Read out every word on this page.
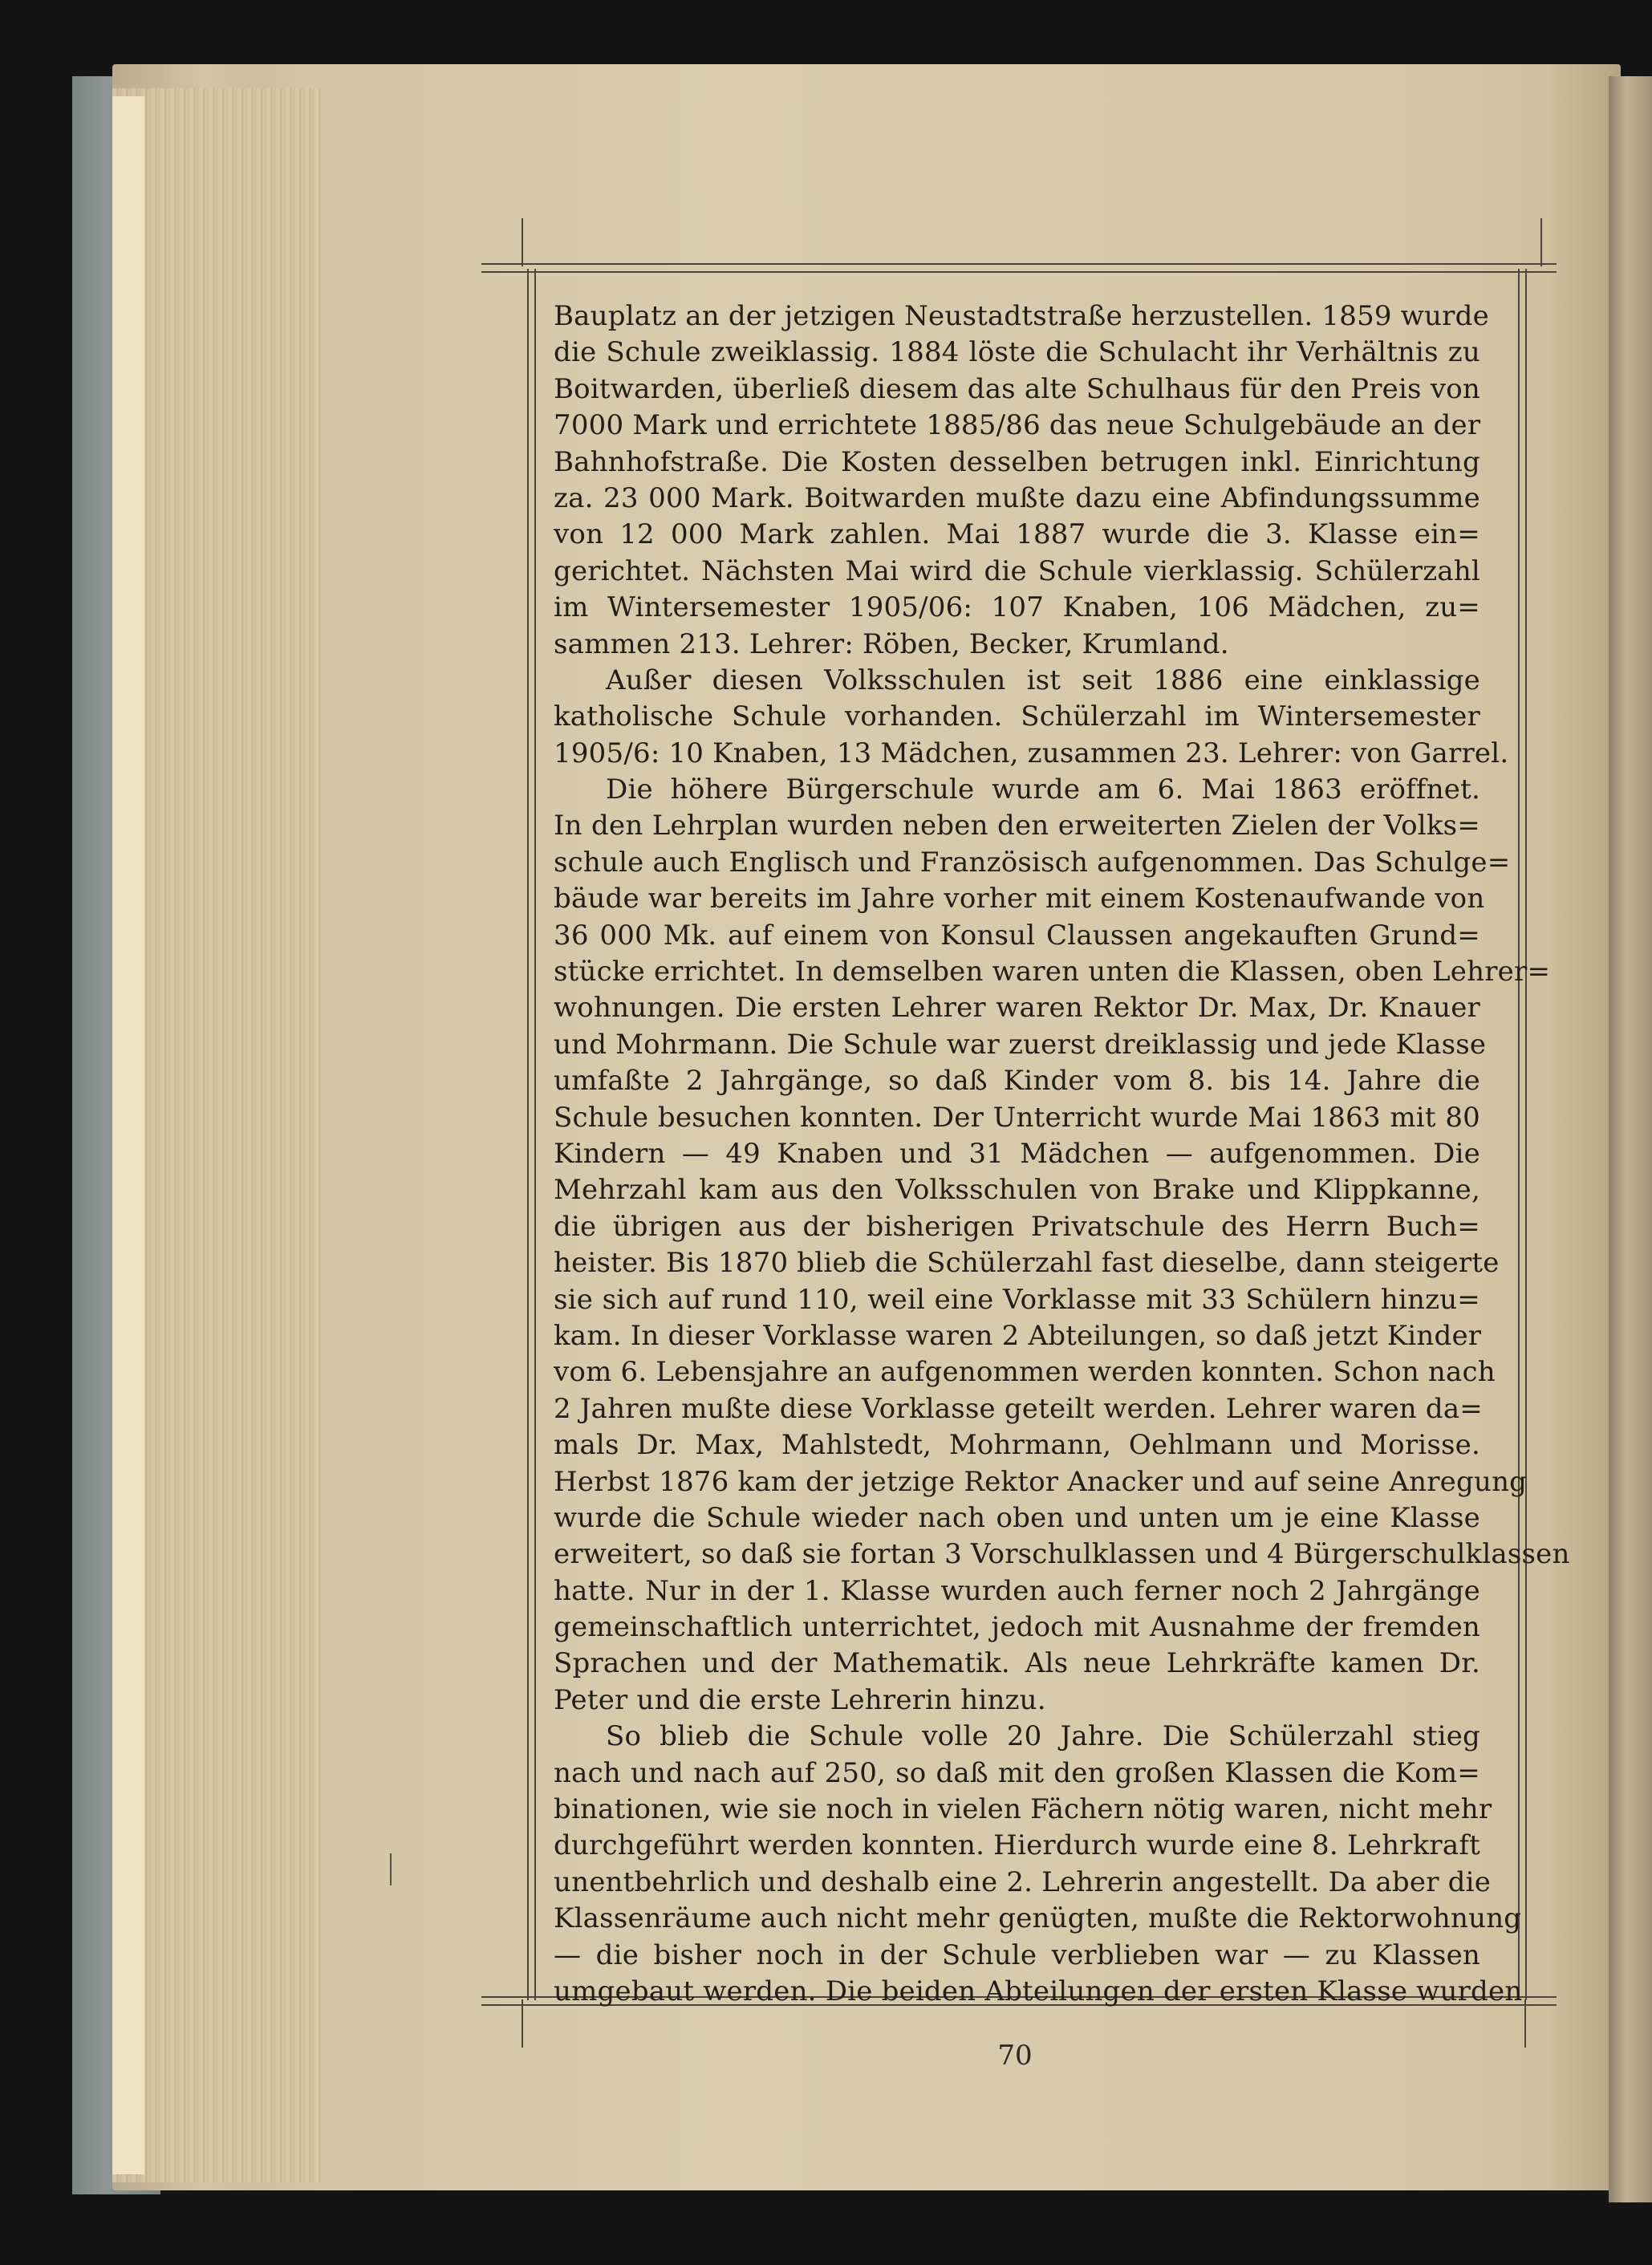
Bauplatz an der jetzigen Neustadtstraße herzustellen. 1859 wurde
die Schule zweiklassig. 1884 löste die Schulacht ihr Verhältnis zu
Boitwarden, überließ diesem das alte Schulhaus für den Preis von
7000 Mark und errichtete 1885/86 das neue Schulgebäude an der
Bahnhofstraße. Die Kosten desselben betrugen inkl. Einrichtung
za. 23 000 Mark. Boitwarden mußte dazu eine Abfindungssumme
von 12 000 Mark zahlen. Mai 1887 wurde die 3. Klasse ein=
gerichtet. Nächsten Mai wird die Schule vierklassig. Schülerzahl
im Wintersemester 1905/06: 107 Knaben, 106 Mädchen, zu=
sammen 213. Lehrer: Röben, Becker, Krumland.
Außer diesen Volksschulen ist seit 1886 eine einklassige
katholische Schule vorhanden. Schülerzahl im Wintersemester
1905/6: 10 Knaben, 13 Mädchen, zusammen 23. Lehrer: von Garrel.
Die höhere Bürgerschule wurde am 6. Mai 1863 eröffnet.
In den Lehrplan wurden neben den erweiterten Zielen der Volks=
schule auch Englisch und Französisch aufgenommen. Das Schulge=
bäude war bereits im Jahre vorher mit einem Kostenaufwande von
36 000 Mk. auf einem von Konsul Claussen angekauften Grund=
stücke errichtet. In demselben waren unten die Klassen, oben Lehrer=
wohnungen. Die ersten Lehrer waren Rektor Dr. Max, Dr. Knauer
und Mohrmann. Die Schule war zuerst dreiklassig und jede Klasse
umfaßte 2 Jahrgänge, so daß Kinder vom 8. bis 14. Jahre die
Schule besuchen konnten. Der Unterricht wurde Mai 1863 mit 80
Kindern — 49 Knaben und 31 Mädchen — aufgenommen. Die
Mehrzahl kam aus den Volksschulen von Brake und Klippkanne,
die übrigen aus der bisherigen Privatschule des Herrn Buch=
heister. Bis 1870 blieb die Schülerzahl fast dieselbe, dann steigerte
sie sich auf rund 110, weil eine Vorklasse mit 33 Schülern hinzu=
kam. In dieser Vorklasse waren 2 Abteilungen, so daß jetzt Kinder
vom 6. Lebensjahre an aufgenommen werden konnten. Schon nach
2 Jahren mußte diese Vorklasse geteilt werden. Lehrer waren da=
mals Dr. Max, Mahlstedt, Mohrmann, Oehlmann und Morisse.
Herbst 1876 kam der jetzige Rektor Anacker und auf seine Anregung
wurde die Schule wieder nach oben und unten um je eine Klasse
erweitert, so daß sie fortan 3 Vorschulklassen und 4 Bürgerschulklassen
hatte. Nur in der 1. Klasse wurden auch ferner noch 2 Jahrgänge
gemeinschaftlich unterrichtet, jedoch mit Ausnahme der fremden
Sprachen und der Mathematik. Als neue Lehrkräfte kamen Dr.
Peter und die erste Lehrerin hinzu.
So blieb die Schule volle 20 Jahre. Die Schülerzahl stieg
nach und nach auf 250, so daß mit den großen Klassen die Kom=
binationen, wie sie noch in vielen Fächern nötig waren, nicht mehr
durchgeführt werden konnten. Hierdurch wurde eine 8. Lehrkraft
unentbehrlich und deshalb eine 2. Lehrerin angestellt. Da aber die
Klassenräume auch nicht mehr genügten, mußte die Rektorwohnung
— die bisher noch in der Schule verblieben war — zu Klassen
umgebaut werden. Die beiden Abteilungen der ersten Klasse wurden
70
